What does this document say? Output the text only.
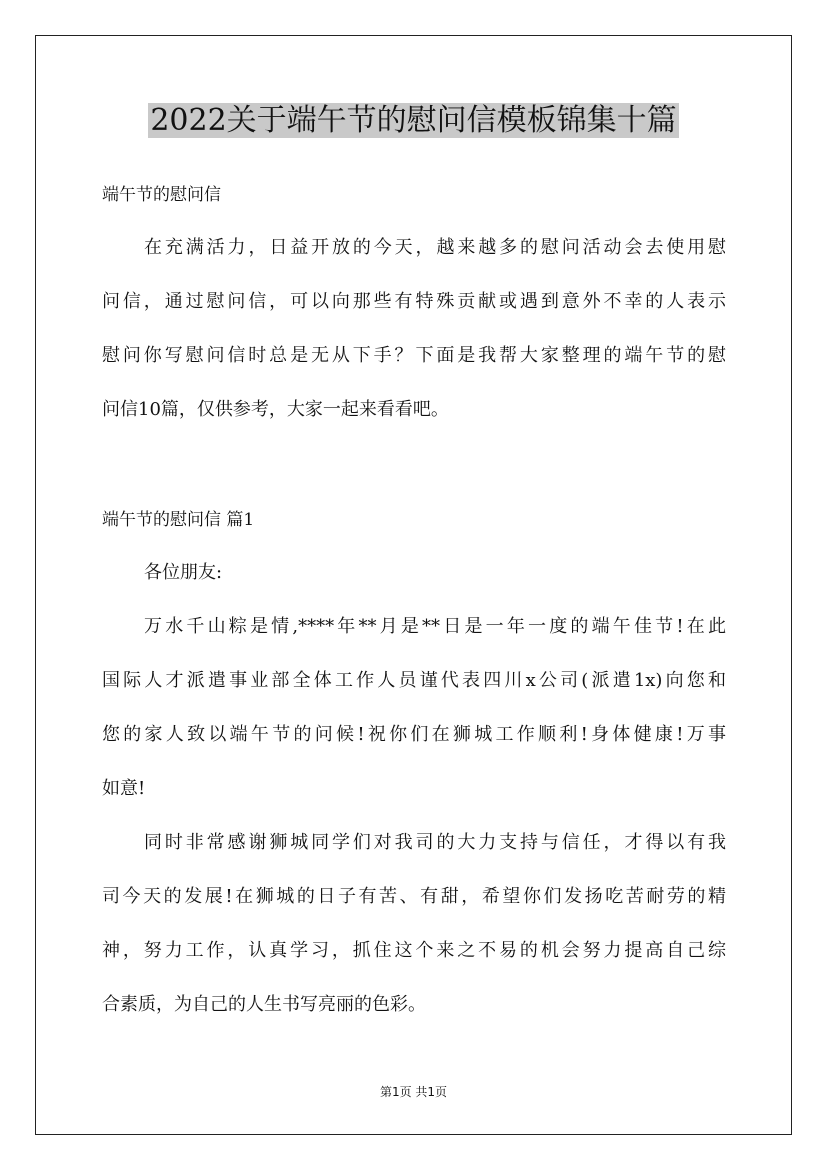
2022关于端午节的慰问信模板锦集十篇
端午节的慰问信
在充满活力，日益开放的今天，越来越多的慰问活动会去使用慰
问信，通过慰问信，可以向那些有特殊贡献或遇到意外不幸的人表示
慰问你写慰问信时总是无从下手？下面是我帮大家整理的端午节的慰
问信10篇，仅供参考，大家一起来看看吧。
端午节的慰问信 篇1
各位朋友:
万水千山粽是情,****年**月是**日是一年一度的端午佳节!在此
国际人才派遣事业部全体工作人员谨代表四川x公司(派遣1x)向您和
您的家人致以端午节的问候!祝你们在狮城工作顺利!身体健康!万事
如意!
同时非常感谢狮城同学们对我司的大力支持与信任，才得以有我
司今天的发展!在狮城的日子有苦、有甜，希望你们发扬吃苦耐劳的精
神，努力工作，认真学习，抓住这个来之不易的机会努力提高自己综
合素质，为自己的人生书写亮丽的色彩。
第1页 共1页
